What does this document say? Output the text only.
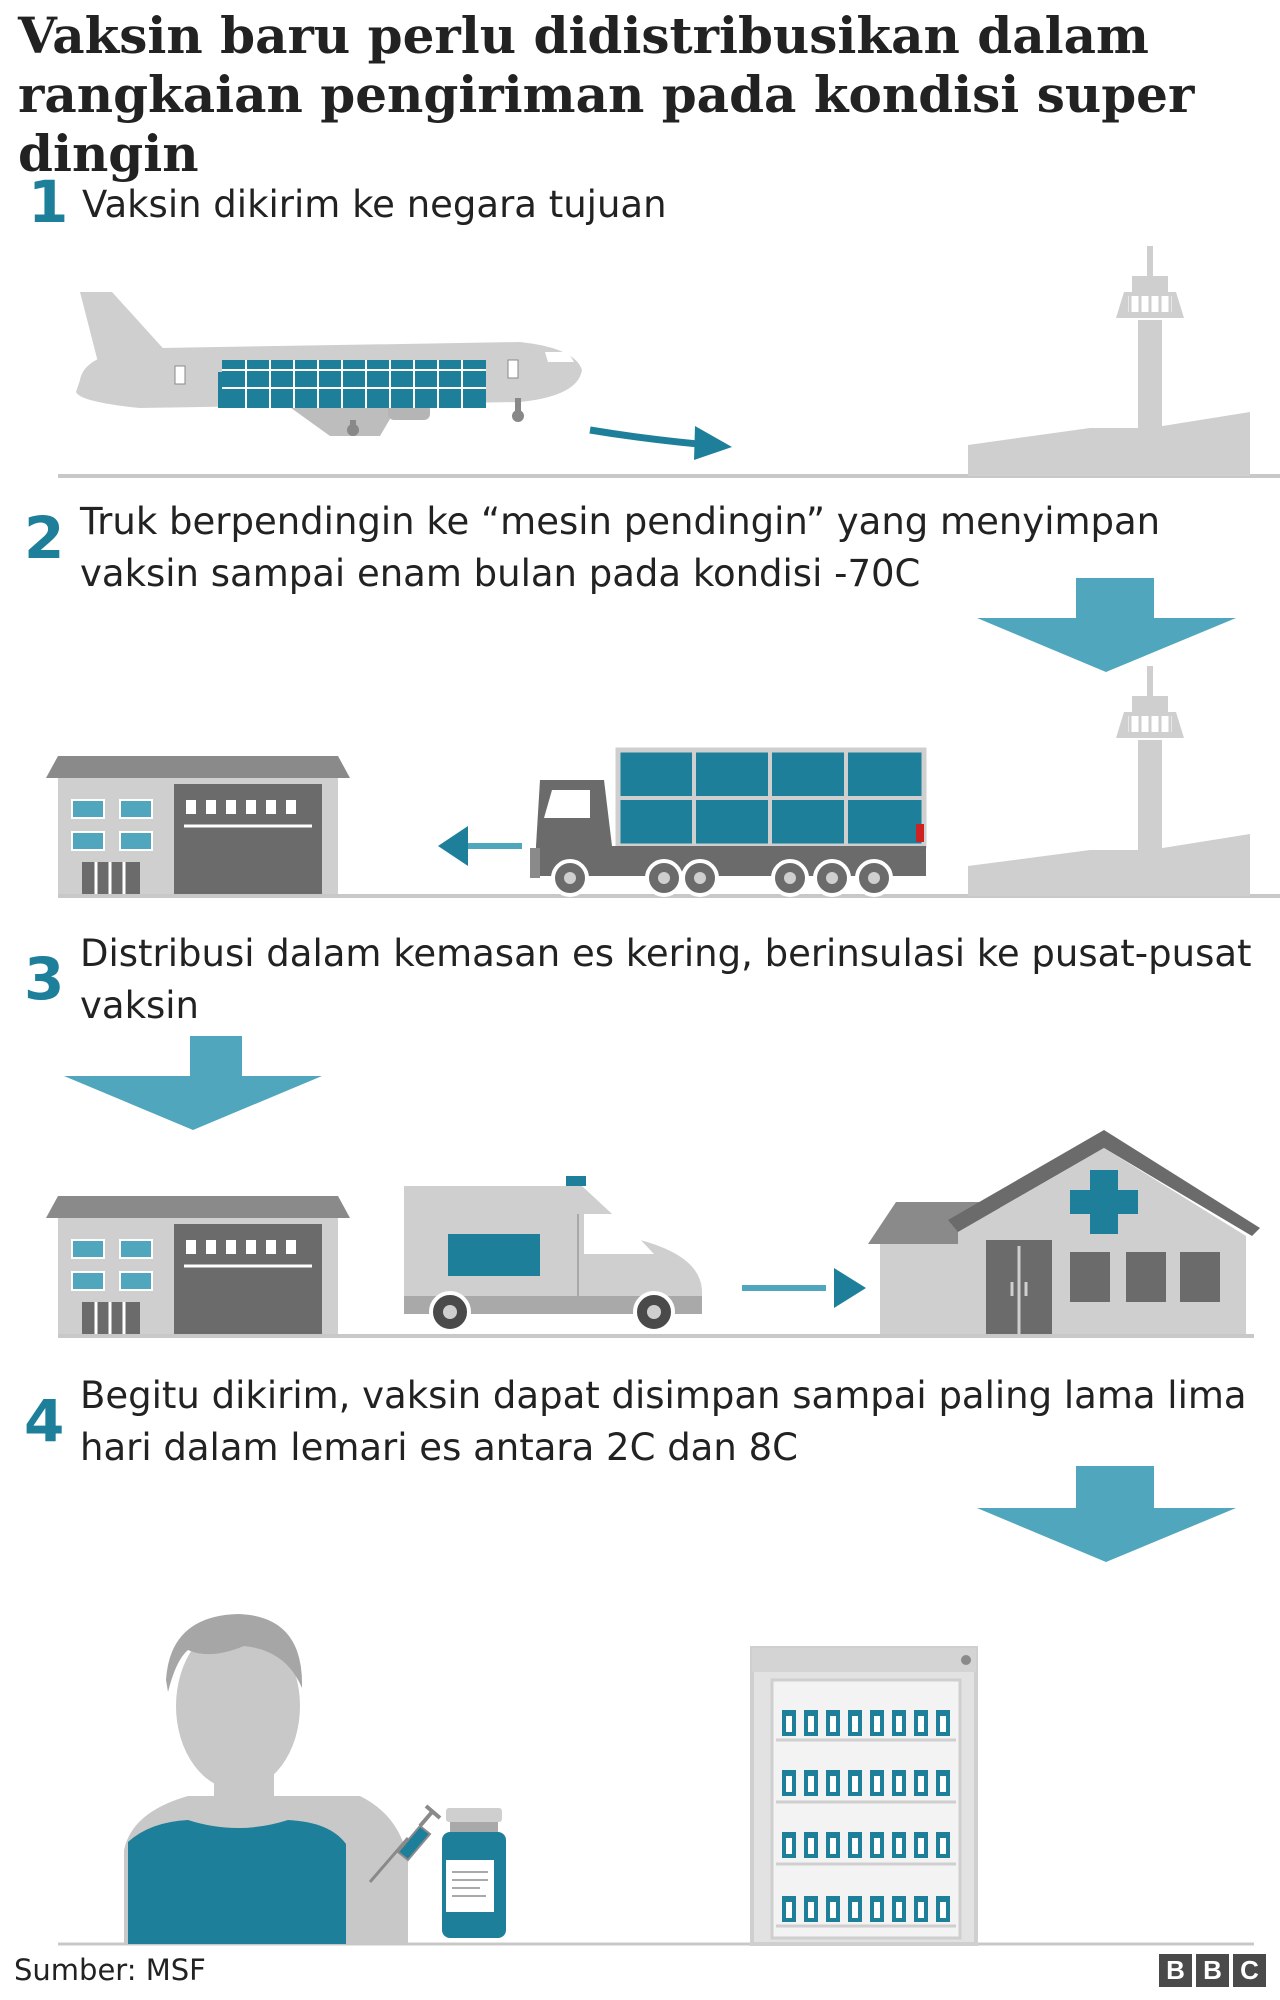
Vaksin baru perlu didistribusikan dalam rangkaian pengiriman pada kondisi super dingin
1 Vaksin dikirim ke negara tujuan

2 Truk berpendingin ke “mesin pendingin” yang menyimpan vaksin sampai enam bulan pada kondisi -70C

3 Distribusi dalam kemasan es kering, berinsulasi ke pusat-pusat vaksin

4 Begitu dikirim, vaksin dapat disimpan sampai paling lama lima hari dalam lemari es antara 2C dan 8C

Sumber: MSF	B B C
